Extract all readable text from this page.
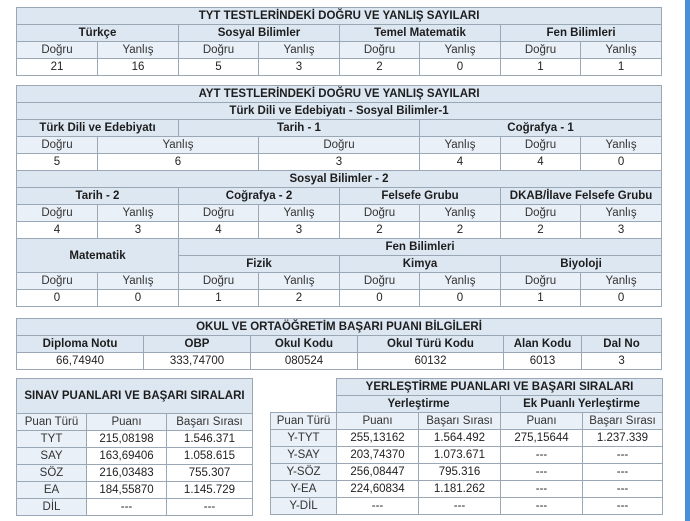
TYT TESTLERİNDEKİ DOĞRU VE YANLIŞ SAYILARI							
Türkçe		Sosyal Bilimler		Temel Matematik		Fen Bilimleri	
Doğru	Yanlış	Doğru	Yanlış	Doğru	Yanlış	Doğru	Yanlış
21	16	5	3	2	0	1	1
AYT TESTLERİNDEKİ DOĞRU VE YANLIŞ SAYILARI							
Türk Dili ve Edebiyatı - Sosyal Bilimler-1							
Türk Dili ve Edebiyatı		Tarih - 1			Coğrafya - 1		
Doğru	Yanlış		Doğru		Yanlış	Doğru	Yanlış
5	6		3		4	4	0
Sosyal Bilimler - 2							
Tarih - 2		Coğrafya - 2		Felsefe Grubu		DKAB/İlave Felsefe Grubu	
Doğru	Yanlış	Doğru	Yanlış	Doğru	Yanlış	Doğru	Yanlış
4	3	4	3	2	2	2	3
Matematik		Fen Bilimleri					
		Fizik		Kimya		Biyoloji	
Doğru	Yanlış	Doğru	Yanlış	Doğru	Yanlış	Doğru	Yanlış
0	0	1	2	0	0	1	0
OKUL VE ORTAÖĞRETİM BAŞARI PUANI BİLGİLERİ					
Diploma Notu	OBP	Okul Kodu	Okul Türü Kodu	Alan Kodu	Dal No
66,74940	333,74700	080524	60132	6013	3
SINAV PUANLARI VE BAŞARI SIRALARI		
Puan Türü	Puanı	Başarı Sırası
TYT	215,08198	1.546.371
SAY	163,69406	1.058.615
SÖZ	216,03483	755.307
EA	184,55870	1.145.729
DİL	---	---
	YERLEŞTİRME PUANLARI VE BAŞARI SIRALARI			
	Yerleştirme		Ek Puanlı Yerleştirme	
Puan Türü	Puanı	Başarı Sırası	Puanı	Başarı Sırası
Y-TYT	255,13162	1.564.492	275,15644	1.237.339
Y-SAY	203,74370	1.073.671	---	---
Y-SÖZ	256,08447	795.316	---	---
Y-EA	224,60834	1.181.262	---	---
Y-DİL	---	---	---	---
